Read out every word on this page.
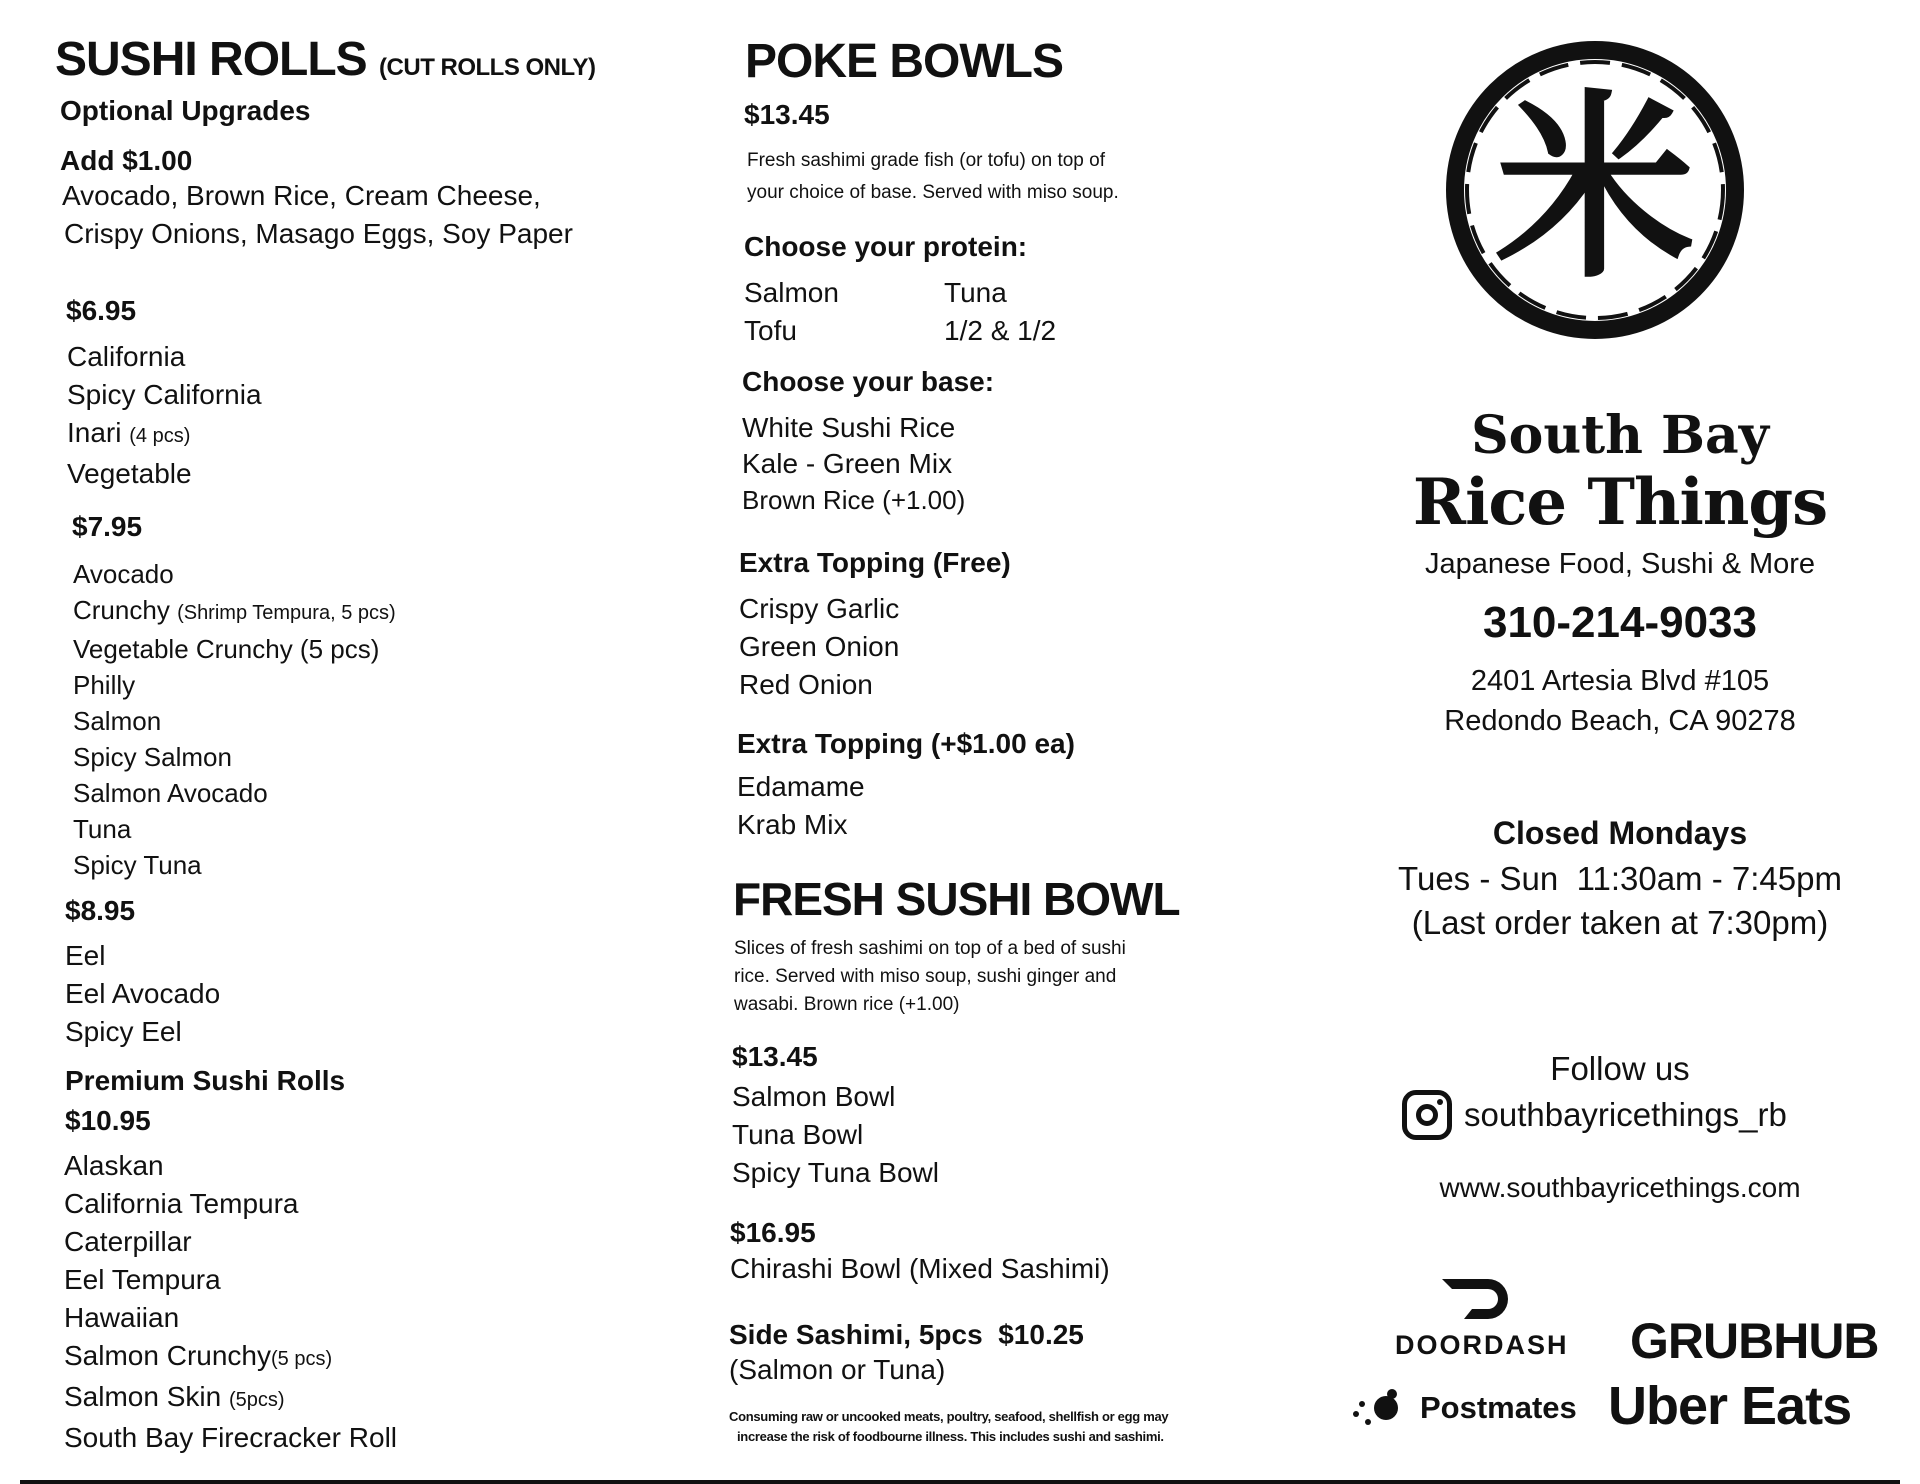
SUSHI ROLLS (CUT ROLLS ONLY)
Optional Upgrades
Add $1.00
Avocado, Brown Rice, Cream Cheese,
Crispy Onions, Masago Eggs, Soy Paper
$6.95
California
Spicy California
Inari (4 pcs)
Vegetable
$7.95
Avocado
Crunchy (Shrimp Tempura, 5 pcs)
Vegetable Crunchy (5 pcs)
Philly
Salmon
Spicy Salmon
Salmon Avocado
Tuna
Spicy Tuna
$8.95
Eel
Eel Avocado
Spicy Eel
Premium Sushi Rolls
$10.95
Alaskan
California Tempura
Caterpillar
Eel Tempura
Hawaiian
Salmon Crunchy(5 pcs)
Salmon Skin (5pcs)
South Bay Firecracker Roll
POKE BOWLS
$13.45
Fresh sashimi grade fish (or tofu) on top of
your choice of base. Served with miso soup.
Choose your protein:
Salmon	Tuna
Tofu	1/2 & 1/2
Choose your base:
White Sushi Rice
Kale - Green Mix
Brown Rice (+1.00)
Extra Topping (Free)
Crispy Garlic
Green Onion
Red Onion
Extra Topping (+$1.00 ea)
Edamame
Krab Mix
FRESH SUSHI BOWL
Slices of fresh sashimi on top of a bed of sushi
rice. Served with miso soup, sushi ginger and
wasabi. Brown rice (+1.00)
$13.45
Salmon Bowl
Tuna Bowl
Spicy Tuna Bowl
$16.95
Chirashi Bowl (Mixed Sashimi)
Side Sashimi, 5pcs  $10.25
(Salmon or Tuna)
Consuming raw or uncooked meats, poultry, seafood, shellfish or egg may
increase the risk of foodbourne illness. This includes sushi and sashimi.
米
South Bay
Rice Things
Japanese Food, Sushi & More
310-214-9033
2401 Artesia Blvd #105
Redondo Beach, CA 90278
Closed Mondays
Tues - Sun  11:30am - 7:45pm
(Last order taken at 7:30pm)
Follow us
southbayricethings_rb
www.southbayricethings.com
DOORDASH GRUBHUB
Postmates Uber Eats
